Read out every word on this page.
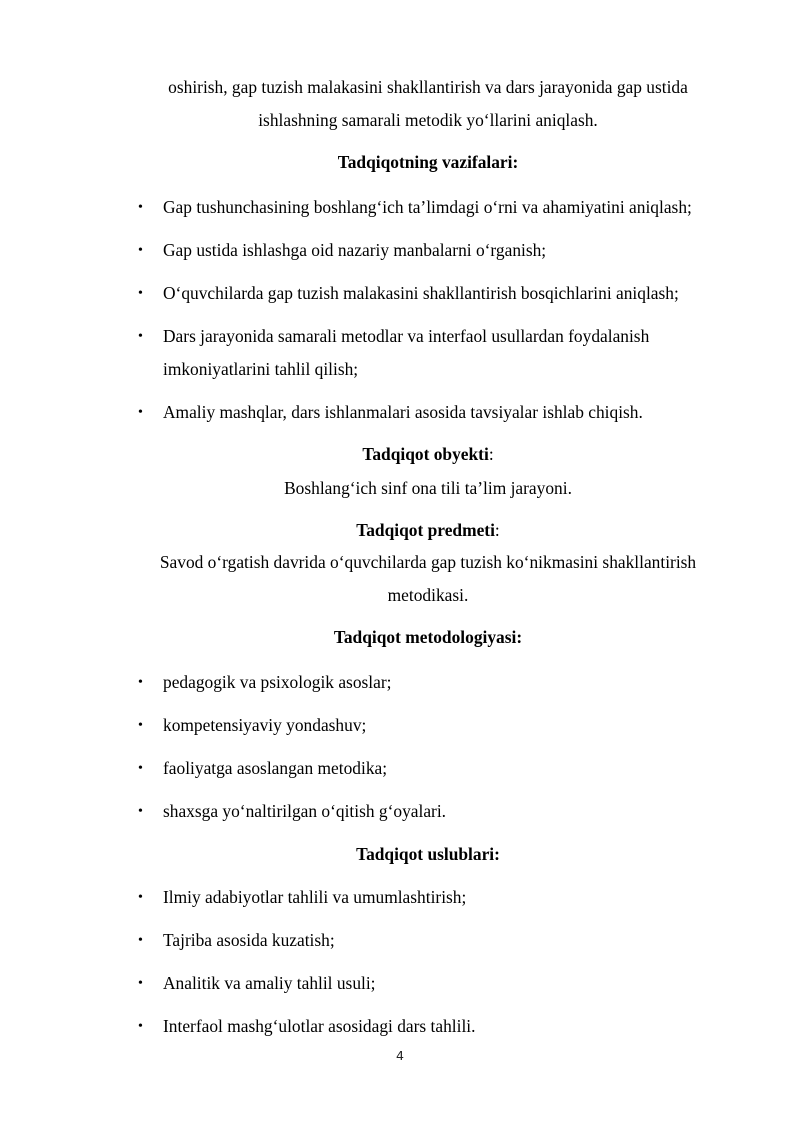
oshirish, gap tuzish malakasini shakllantirish va dars jarayonida gap ustida

ishlashning samarali metodik yo‘llarini aniqlash.

Tadqiqotning vazifalari:

• Gap tushunchasining boshlang‘ich ta’limdagi o‘rni va ahamiyatini aniqlash;
• Gap ustida ishlashga oid nazariy manbalarni o‘rganish;
• O‘quvchilarda gap tuzish malakasini shakllantirish bosqichlarini aniqlash;
• Dars jarayonida samarali metodlar va interfaol usullardan foydalanish imkoniyatlarini tahlil qilish;
• Amaliy mashqlar, dars ishlanmalari asosida tavsiyalar ishlab chiqish.

Tadqiqot obyekti:

Boshlang‘ich sinf ona tili ta’lim jarayoni.

Tadqiqot predmeti:

Savod o‘rgatish davrida o‘quvchilarda gap tuzish ko‘nikmasini shakllantirish

metodikasi.

Tadqiqot metodologiyasi:

• pedagogik va psixologik asoslar;
• kompetensiyaviy yondashuv;
• faoliyatga asoslangan metodika;
• shaxsga yo‘naltirilgan o‘qitish g‘oyalari.

Tadqiqot uslublari:

• Ilmiy adabiyotlar tahlili va umumlashtirish;
• Tajriba asosida kuzatish;
• Analitik va amaliy tahlil usuli;
• Interfaol mashg‘ulotlar asosidagi dars tahlili.
4
